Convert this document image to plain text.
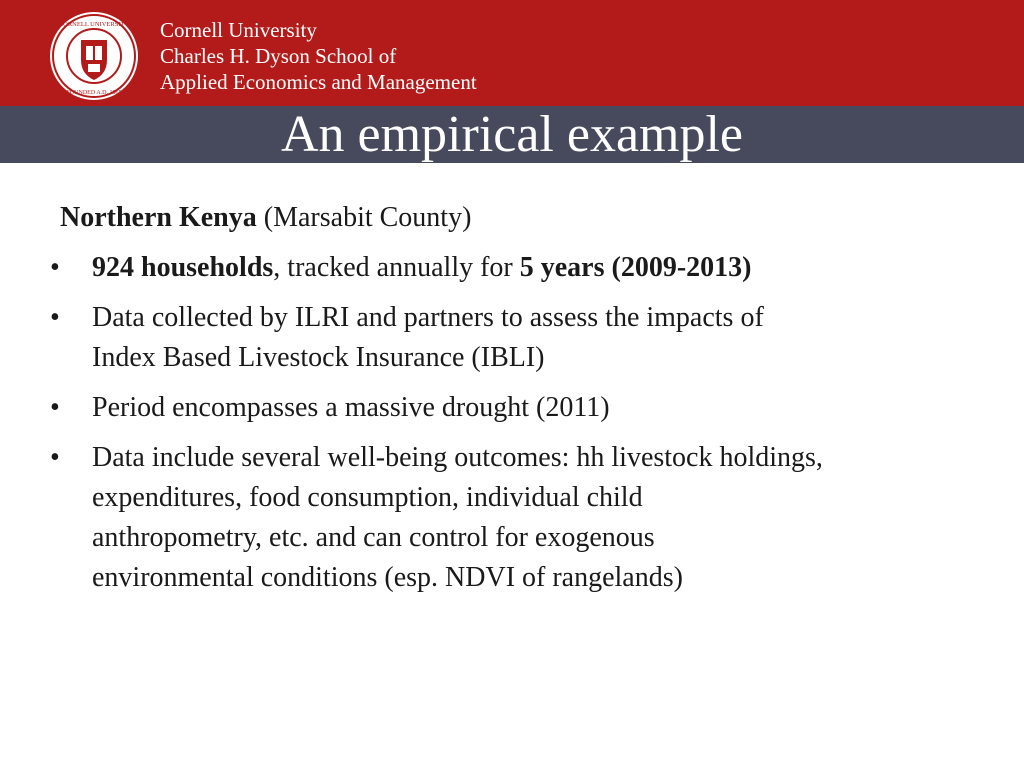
CORNELL UNIVERSITY
FOUNDED A.D. 1865
Cornell University
Charles H. Dyson School of
Applied Economics and Management
An empirical example
Northern Kenya (Marsabit County)
• 924 households, tracked annually for 5 years (2009-2013)
• Data collected by ILRI and partners to assess the impacts of
Index Based Livestock Insurance (IBLI)
• Period encompasses a massive drought (2011)
• Data include several well-being outcomes: hh livestock holdings,
expenditures, food consumption, individual child
anthropometry, etc. and can control for exogenous
environmental conditions (esp. NDVI of rangelands)
